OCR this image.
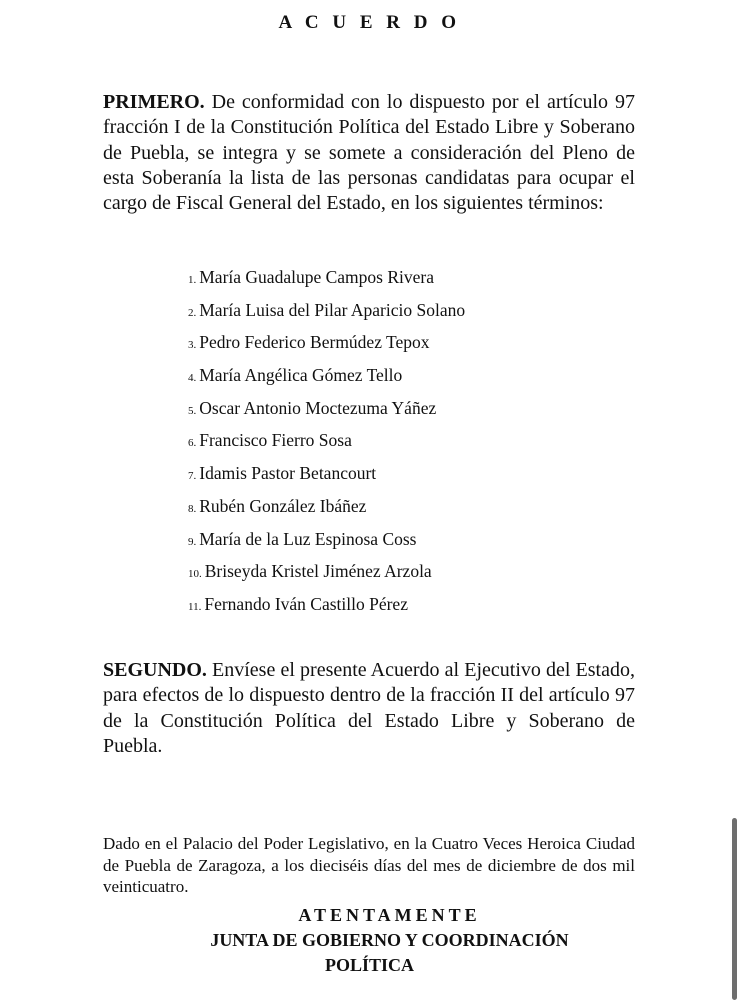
A C U E R D O
PRIMERO. De conformidad con lo dispuesto por el artículo 97 fracción I de la Constitución Política del Estado Libre y Soberano de Puebla, se integra y se somete a consideración del Pleno de esta Soberanía la lista de las personas candidatas para ocupar el cargo de Fiscal General del Estado, en los siguientes términos:
1. María Guadalupe Campos Rivera
2. María Luisa del Pilar Aparicio Solano
3. Pedro Federico Bermúdez Tepox
4. María Angélica Gómez Tello
5. Oscar Antonio Moctezuma Yáñez
6. Francisco Fierro Sosa
7. Idamis Pastor Betancourt
8. Rubén González Ibáñez
9. María de la Luz Espinosa Coss
10. Briseyda Kristel Jiménez Arzola
11. Fernando Iván Castillo Pérez
SEGUNDO. Envíese el presente Acuerdo al Ejecutivo del Estado, para efectos de lo dispuesto dentro de la fracción II del artículo 97 de la Constitución Política del Estado Libre y Soberano de Puebla.
Dado en el Palacio del Poder Legislativo, en la Cuatro Veces Heroica Ciudad de Puebla de Zaragoza, a los dieciséis días del mes de diciembre de dos mil veinticuatro.
ATENTAMENTE
JUNTA DE GOBIERNO Y COORDINACIÓN
POLÍTICA
